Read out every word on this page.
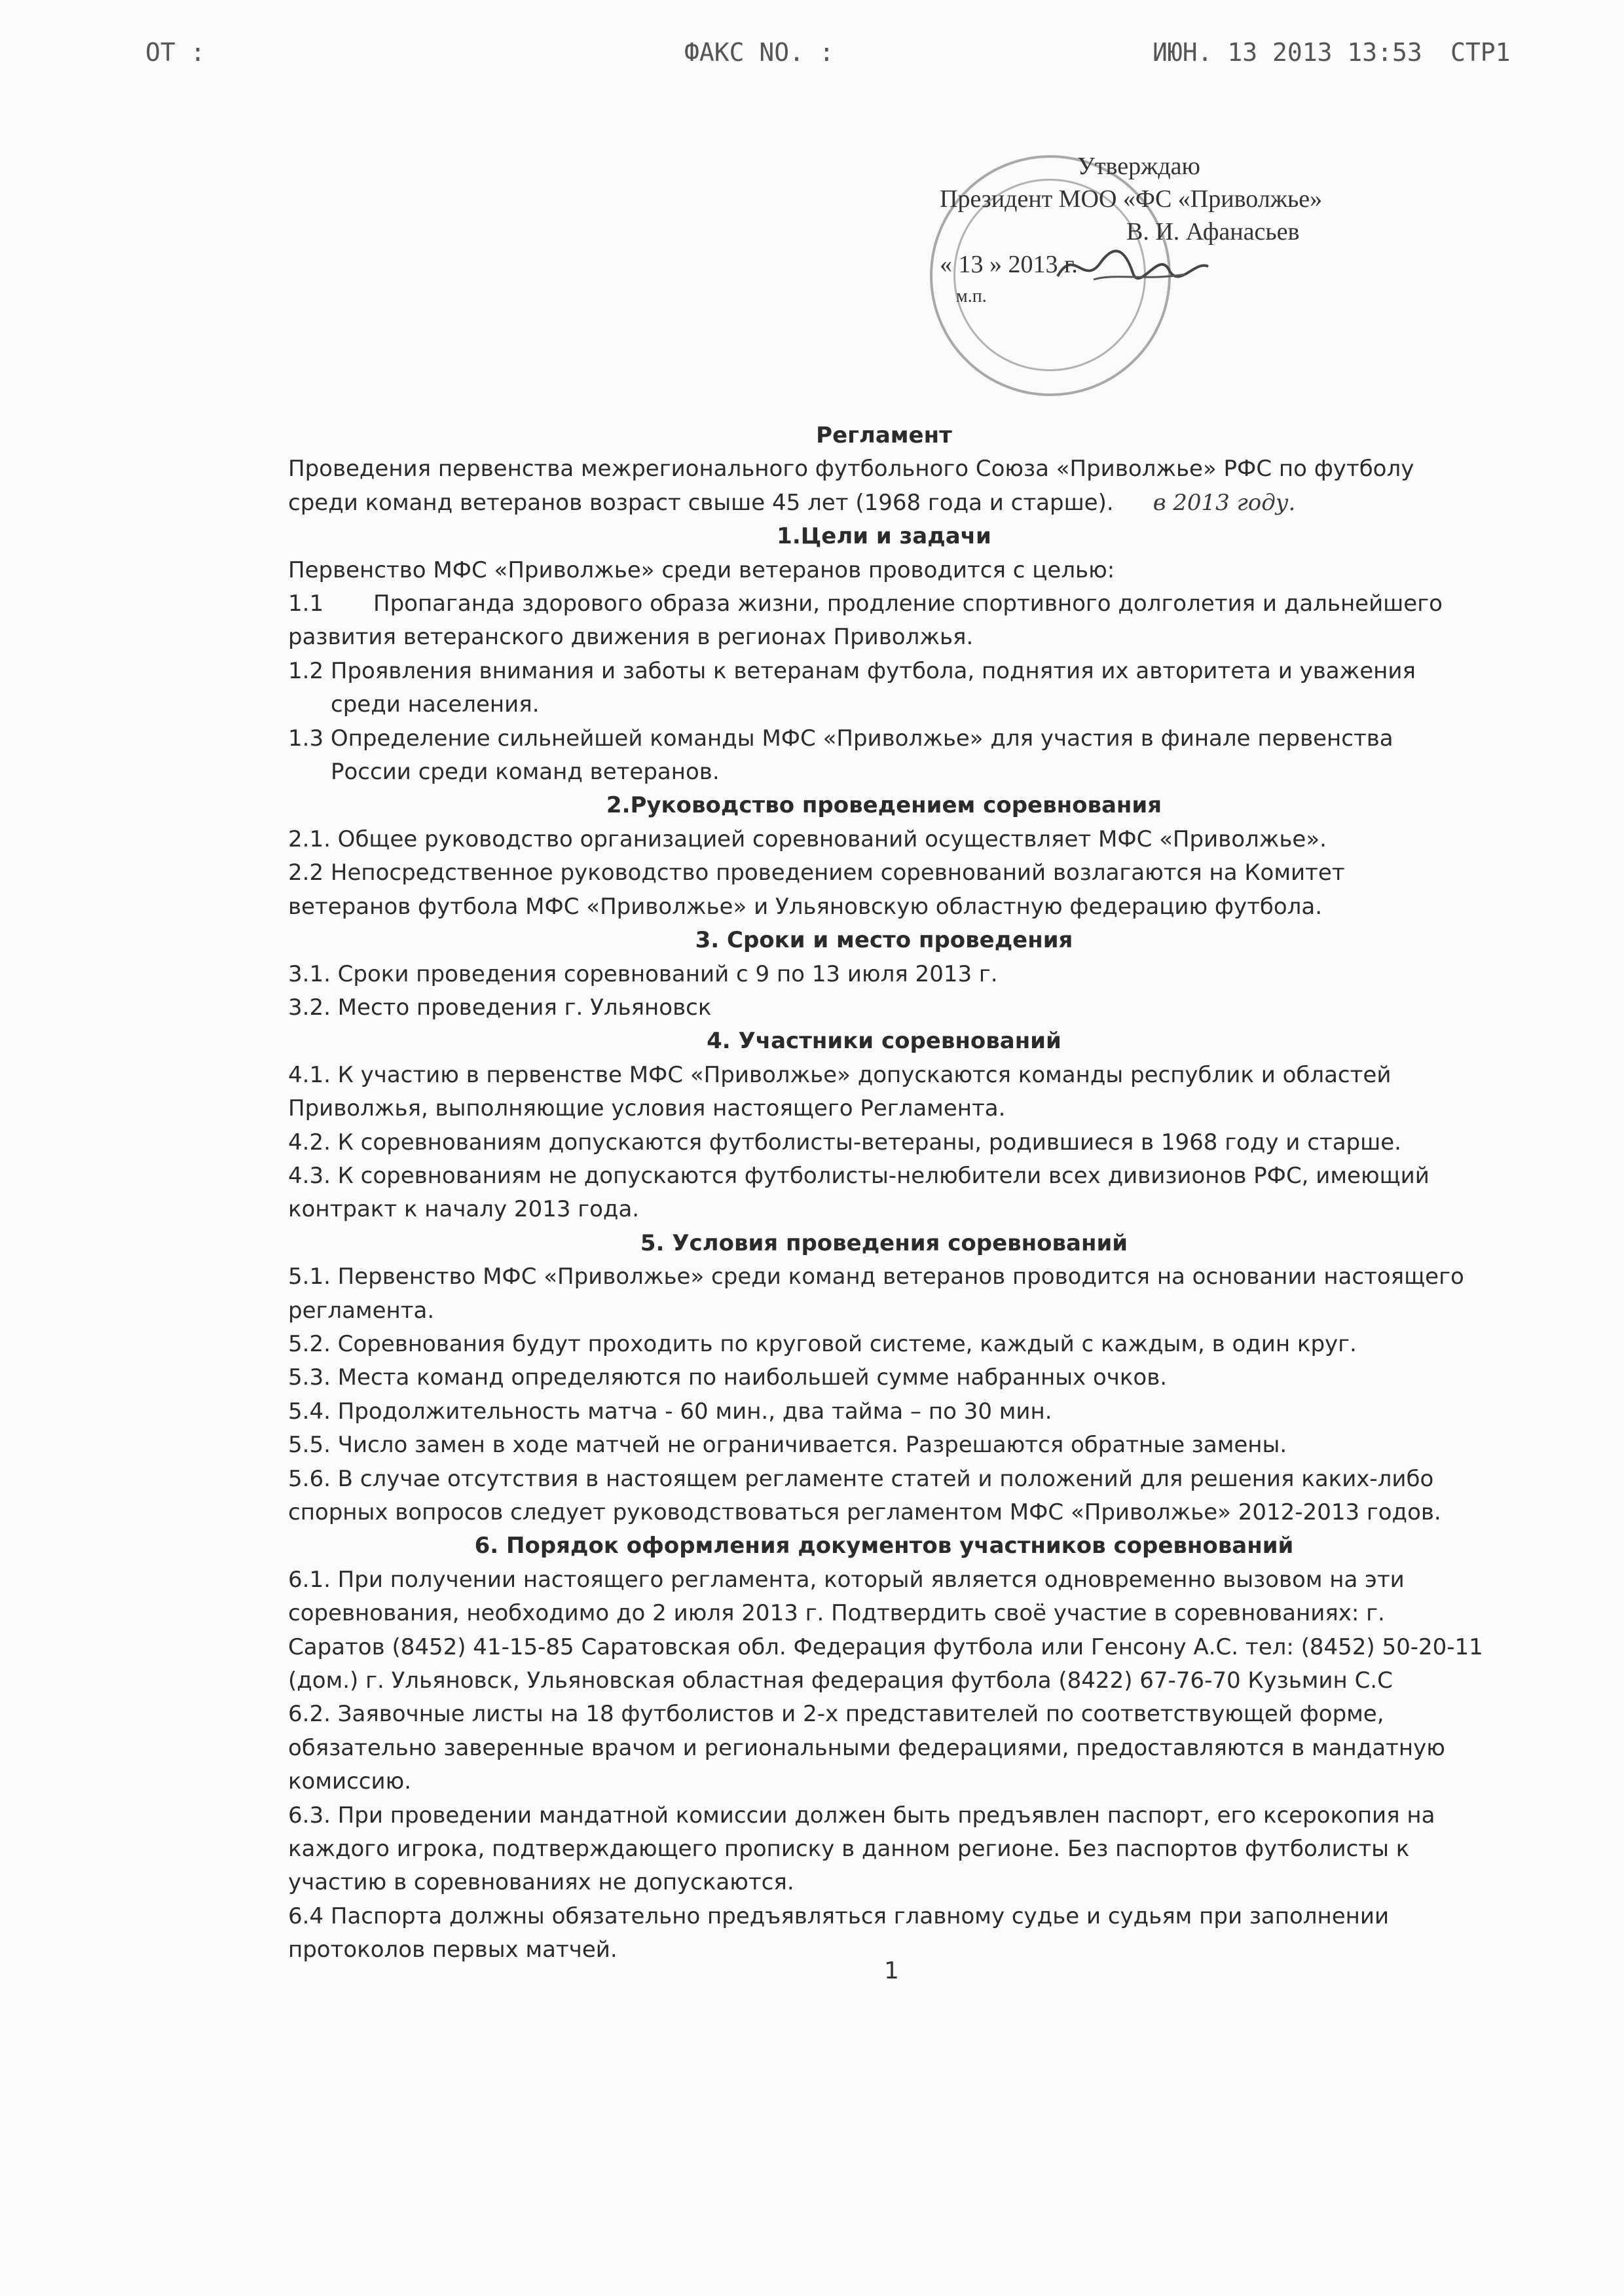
ОТ :	ФАКС NO. :	ИЮН. 13 2013 13:53 СТР1
Утверждаю
Президент МОО «ФС «Приволжье»
В. И. Афанасьев
« 13 » 2013 г.
м.п.

Регламент

Проведения первенства межрегионального футбольного Союза «Приволжье» РФС по футболу

среди команд ветеранов возраст свыше 45 лет (1968 года и старше). в 2013 году.

1.Цели и задачи

Первенство МФС «Приволжье» среди ветеранов проводится с целью:

1.1 Пропаганда здорового образа жизни, продление спортивного долголетия и дальнейшего

развития ветеранского движения в регионах Приволжья.

1.2 Проявления внимания и заботы к ветеранам футбола, поднятия их авторитета и уважения

среди населения.

1.3 Определение сильнейшей команды МФС «Приволжье» для участия в финале первенства

России среди команд ветеранов.

2.Руководство проведением соревнования

2.1. Общее руководство организацией соревнований осуществляет МФС «Приволжье».

2.2 Непосредственное руководство проведением соревнований возлагаются на Комитет

ветеранов футбола МФС «Приволжье» и Ульяновскую областную федерацию футбола.

3. Сроки и место проведения

3.1. Сроки проведения соревнований с 9 по 13 июля 2013 г.

3.2. Место проведения г. Ульяновск

4. Участники соревнований

4.1. К участию в первенстве МФС «Приволжье» допускаются команды республик и областей

Приволжья, выполняющие условия настоящего Регламента.

4.2. К соревнованиям допускаются футболисты-ветераны, родившиеся в 1968 году и старше.

4.3. К соревнованиям не допускаются футболисты-нелюбители всех дивизионов РФС, имеющий

контракт к началу 2013 года.

5. Условия проведения соревнований

5.1. Первенство МФС «Приволжье» среди команд ветеранов проводится на основании настоящего

регламента.

5.2. Соревнования будут проходить по круговой системе, каждый с каждым, в один круг.

5.3. Места команд определяются по наибольшей сумме набранных очков.

5.4. Продолжительность матча - 60 мин., два тайма – по 30 мин.

5.5. Число замен в ходе матчей не ограничивается. Разрешаются обратные замены.

5.6. В случае отсутствия в настоящем регламенте статей и положений для решения каких-либо

спорных вопросов следует руководствоваться регламентом МФС «Приволжье» 2012-2013 годов.

6. Порядок оформления документов участников соревнований

6.1. При получении настоящего регламента, который является одновременно вызовом на эти

соревнования, необходимо до 2 июля 2013 г. Подтвердить своё участие в соревнованиях: г.

Саратов (8452) 41-15-85 Саратовская обл. Федерация футбола или Генсону А.С. тел: (8452) 50-20-11

(дом.) г. Ульяновск, Ульяновская областная федерация футбола (8422) 67-76-70 Кузьмин С.С

6.2. Заявочные листы на 18 футболистов и 2-х представителей по соответствующей форме,

обязательно заверенные врачом и региональными федерациями, предоставляются в мандатную

комиссию.

6.3. При проведении мандатной комиссии должен быть предъявлен паспорт, его ксерокопия на

каждого игрока, подтверждающего прописку в данном регионе. Без паспортов футболисты к

участию в соревнованиях не допускаются.

6.4 Паспорта должны обязательно предъявляться главному судье и судьям при заполнении

протоколов первых матчей.

1
